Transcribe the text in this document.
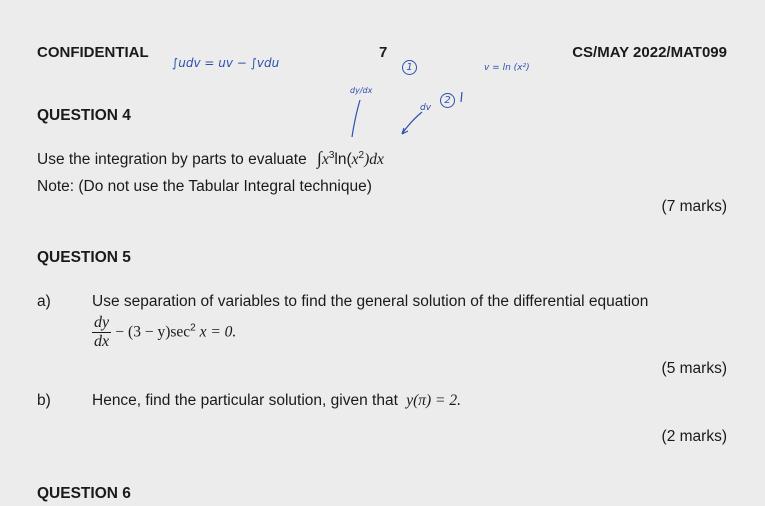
CONFIDENTIAL	7	CS/MAY 2022/MAT099
∫udv = uv − ∫vdu	v = ln (x²)
dy/dx
1
2
dv
QUESTION 4
Use the integration by parts to evaluate $\int x^3\ln(x^2)dx$
Note: (Do not use the Tabular Integral technique)
(7 marks)
QUESTION 5
a)	Use separation of variables to find the general solution of the differential equation
$\frac{dy}{dx} - (3 - y)\sec^2$ x = 0.
(5 marks)
b)	Hence, find the particular solution, given that y(π) = 2.
(2 marks)
QUESTION 6
